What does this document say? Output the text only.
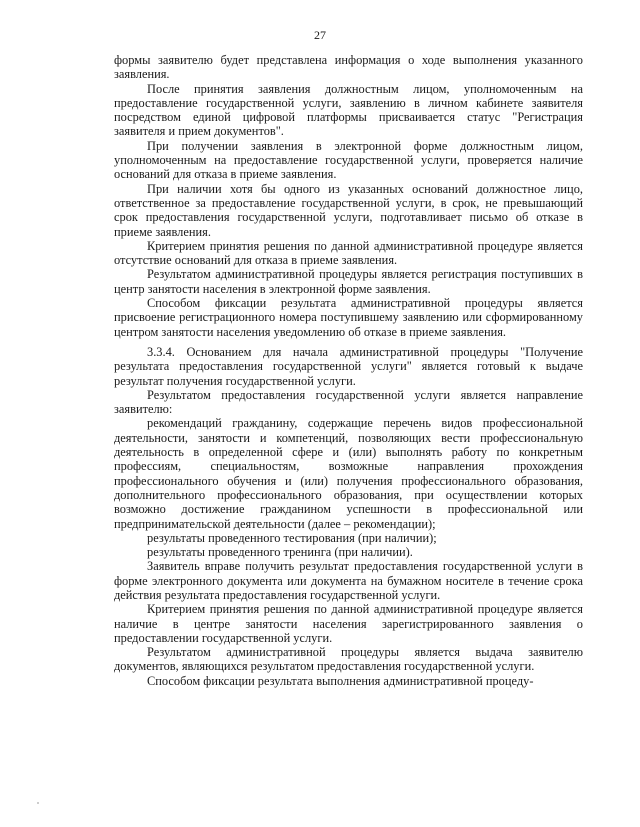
27

формы заявителю будет представлена информация о ходе выполнения указанного заявления.

После принятия заявления должностным лицом, уполномоченным на предоставление государственной услуги, заявлению в личном кабинете заявителя посредством единой цифровой платформы присваивается статус "Регистрация заявителя и прием документов".

При получении заявления в электронной форме должностным лицом, уполномоченным на предоставление государственной услуги, проверяется наличие оснований для отказа в приеме заявления.

При наличии хотя бы одного из указанных оснований должностное лицо, ответственное за предоставление государственной услуги, в срок, не превышающий срок предоставления государственной услуги, подготавливает письмо об отказе в приеме заявления.

Критерием принятия решения по данной административной процедуре является отсутствие оснований для отказа в приеме заявления.

Результатом административной процедуры является регистрация поступивших в центр занятости населения в электронной форме заявления.

Способом фиксации результата административной процедуры является присвоение регистрационного номера поступившему заявлению или сформированному центром занятости населения уведомлению об отказе в приеме заявления.

3.3.4. Основанием для начала административной процедуры "Получение результата предоставления государственной услуги" является готовый к выдаче результат получения государственной услуги.

Результатом предоставления государственной услуги является направление заявителю:

рекомендаций гражданину, содержащие перечень видов профессиональной деятельности, занятости и компетенций, позволяющих вести профессиональную деятельность в определенной сфере и (или) выполнять работу по конкретным профессиям, специальностям, возможные направления прохождения профессионального обучения и (или) получения профессионального образования, дополнительного профессионального образования, при осуществлении которых возможно достижение гражданином успешности в профессиональной или предпринимательской деятельности (далее – рекомендации);

результаты проведенного тестирования (при наличии);

результаты проведенного тренинга (при наличии).

Заявитель вправе получить результат предоставления государственной услуги в форме электронного документа или документа на бумажном носителе в течение срока действия результата предоставления государственной услуги.

Критерием принятия решения по данной административной процедуре является наличие в центре занятости населения зарегистрированного заявления о предоставлении государственной услуги.

Результатом административной процедуры является выдача заявителю документов, являющихся результатом предоставления государственной услуги.

Способом фиксации результата выполнения административной процеду-
